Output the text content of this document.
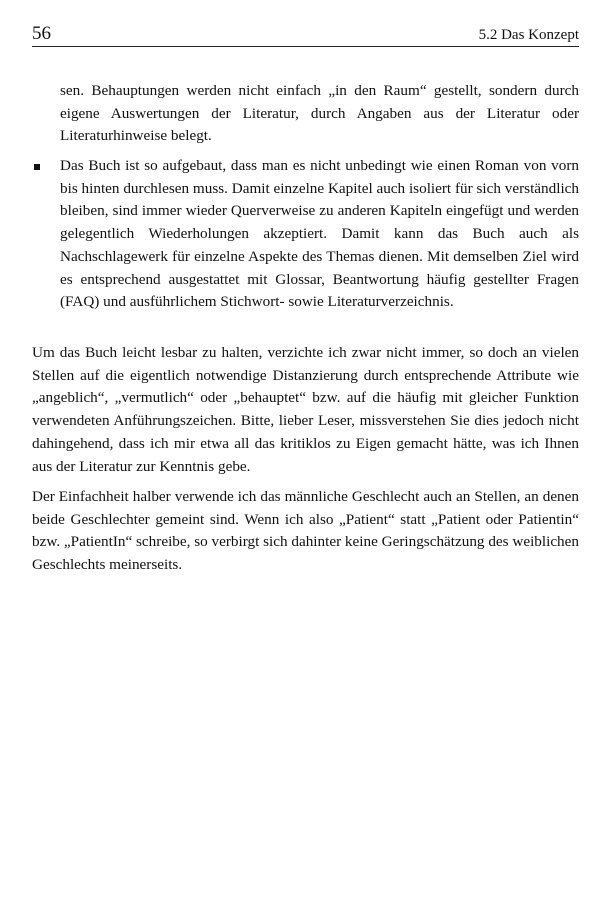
56	5.2 Das Konzept
sen. Behauptungen werden nicht einfach „in den Raum“ gestellt, sondern durch eigene Auswertungen der Literatur, durch Angaben aus der Literatur oder Literaturhinweise belegt.
Das Buch ist so aufgebaut, dass man es nicht unbedingt wie einen Roman von vorn bis hinten durchlesen muss. Damit einzelne Kapitel auch isoliert für sich verständlich bleiben, sind immer wieder Querverweise zu anderen Kapiteln eingefügt und werden gelegentlich Wiederholungen akzeptiert. Damit kann das Buch auch als Nachschlagewerk für einzelne Aspekte des Themas dienen. Mit demselben Ziel wird es entsprechend ausgestattet mit Glossar, Beantwortung häufig gestellter Fragen (FAQ) und ausführlichem Stichwort- sowie Literaturverzeichnis.
Um das Buch leicht lesbar zu halten, verzichte ich zwar nicht immer, so doch an vielen Stellen auf die eigentlich notwendige Distanzierung durch entsprechende Attribute wie „angeblich“, „vermutlich“ oder „behauptet“ bzw. auf die häufig mit gleicher Funktion verwendeten Anführungszeichen. Bitte, lieber Leser, missverstehen Sie dies jedoch nicht dahingehend, dass ich mir etwa all das kritiklos zu Eigen gemacht hätte, was ich Ihnen aus der Literatur zur Kenntnis gebe.
Der Einfachheit halber verwende ich das männliche Geschlecht auch an Stellen, an denen beide Geschlechter gemeint sind. Wenn ich also „Patient“ statt „Patient oder Patientin“ bzw. „PatientIn“ schreibe, so verbirgt sich dahinter keine Geringschätzung des weiblichen Geschlechts meinerseits.
